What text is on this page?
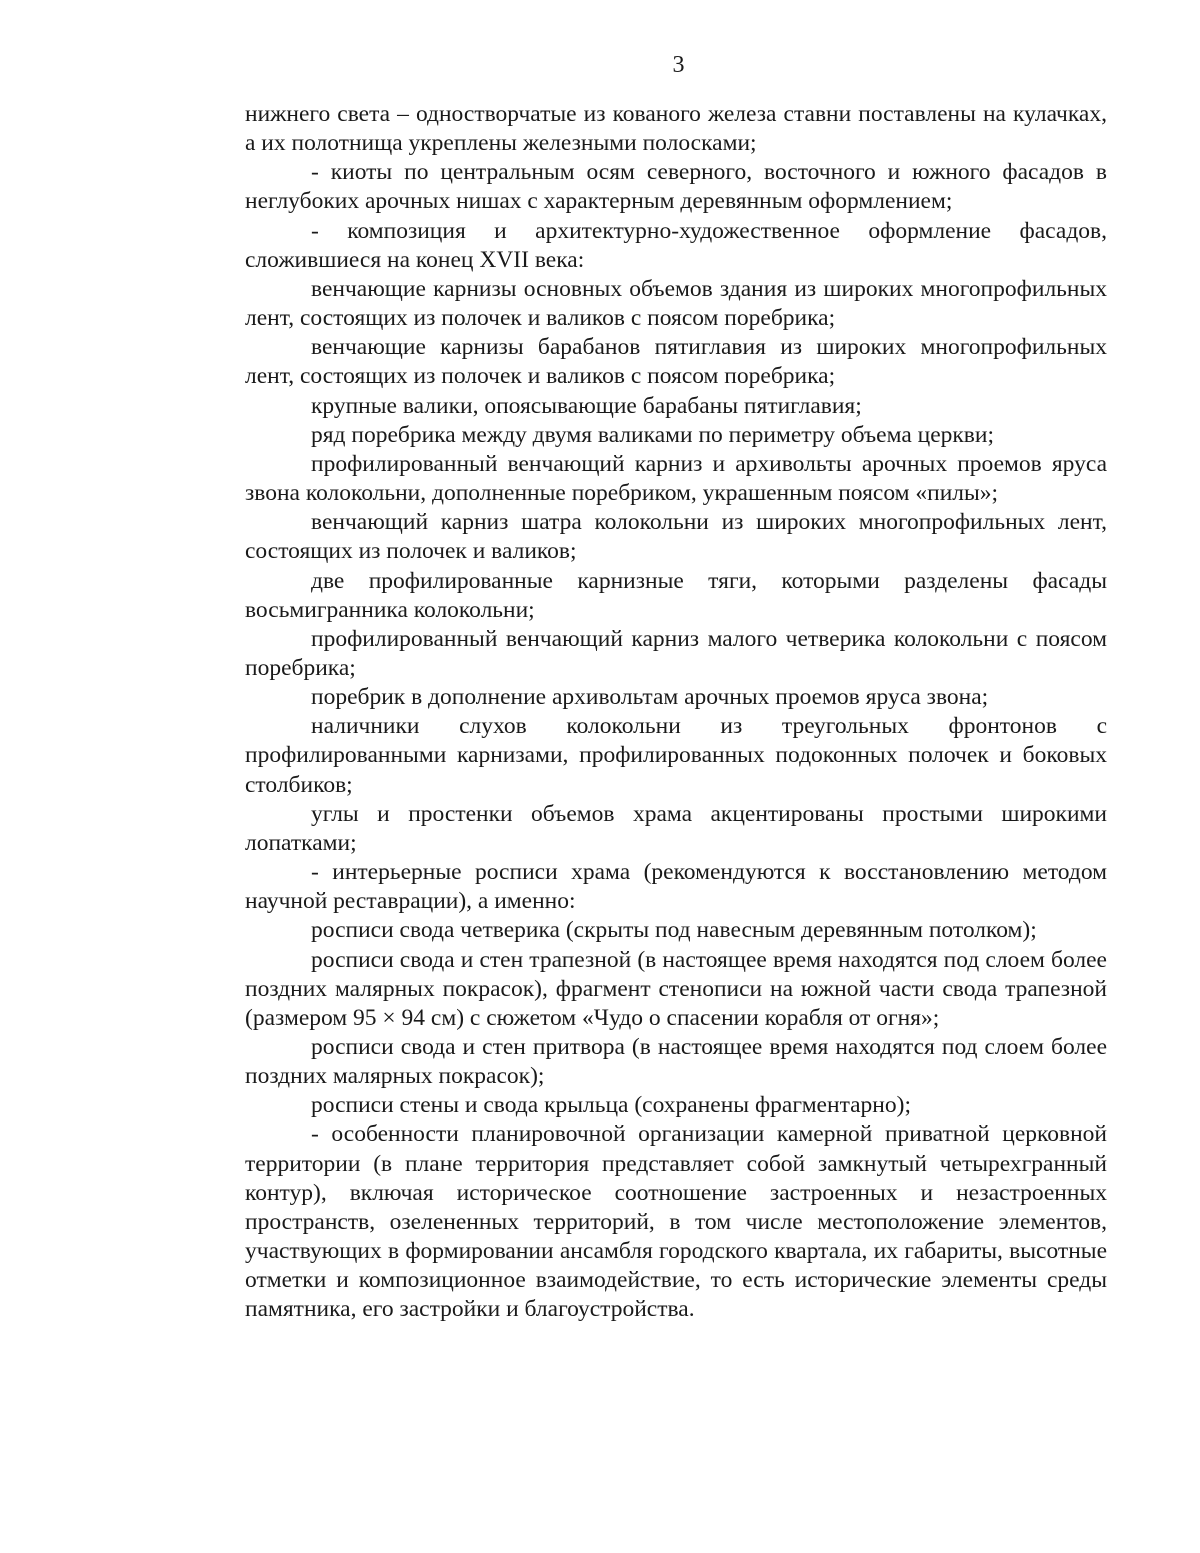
3

нижнего света – одностворчатые из кованого железа ставни поставлены на кулачках, а их полотнища укреплены железными полосками;

- киоты по центральным осям северного, восточного и южного фасадов в неглубоких арочных нишах с характерным деревянным оформлением;

- композиция и архитектурно-художественное оформление фасадов, сложившиеся на конец XVII века:

венчающие карнизы основных объемов здания из широких многопрофильных лент, состоящих из полочек и валиков с поясом поребрика;

венчающие карнизы барабанов пятиглавия из широких многопрофильных лент, состоящих из полочек и валиков с поясом поребрика;

крупные валики, опоясывающие барабаны пятиглавия;

ряд поребрика между двумя валиками по периметру объема церкви;

профилированный венчающий карниз и архивольты арочных проемов яруса звона колокольни, дополненные поребриком, украшенным поясом «пилы»;

венчающий карниз шатра колокольни из широких многопрофильных лент, состоящих из полочек и валиков;

две профилированные карнизные тяги, которыми разделены фасады восьмигранника колокольни;

профилированный венчающий карниз малого четверика колокольни с поясом поребрика;

поребрик в дополнение архивольтам арочных проемов яруса звона;

наличники слухов колокольни из треугольных фронтонов с профилированными карнизами, профилированных подоконных полочек и боковых столбиков;

углы и простенки объемов храма акцентированы простыми широкими лопатками;

- интерьерные росписи храма (рекомендуются к восстановлению методом научной реставрации), а именно:

росписи свода четверика (скрыты под навесным деревянным потолком);

росписи свода и стен трапезной (в настоящее время находятся под слоем более поздних малярных покрасок), фрагмент стенописи на южной части свода трапезной (размером 95 × 94 см) с сюжетом «Чудо о спасении корабля от огня»;

росписи свода и стен притвора (в настоящее время находятся под слоем более поздних малярных покрасок);

росписи стены и свода крыльца (сохранены фрагментарно);

- особенности планировочной организации камерной приватной церковной территории (в плане территория представляет собой замкнутый четырехгранный контур), включая историческое соотношение застроенных и незастроенных пространств, озелененных территорий, в том числе местоположение элементов, участвующих в формировании ансамбля городского квартала, их габариты, высотные отметки и композиционное взаимодействие, то есть исторические элементы среды памятника, его застройки и благоустройства.
